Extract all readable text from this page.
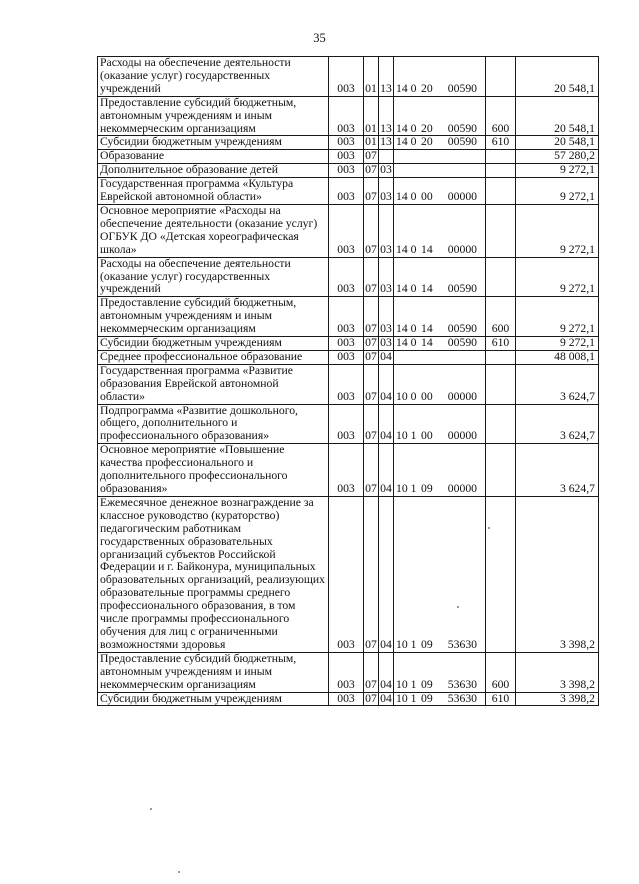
35
Расходы на обеспечение деятельности (оказание услуг) государственных учреждений	003	01	13	14 0 20 00590		20 548,1
Предоставление субсидий бюджетным, автономным учреждениям и иным некоммерческим организациям	003	01	13	14 0 20 00590	600	20 548,1
Субсидии бюджетным учреждениям	003	01	13	14 0 20 00590	610	20 548,1
Образование	003	07				57 280,2
Дополнительное образование детей	003	07	03			9 272,1
Государственная программа «Культура Еврейской автономной области»	003	07	03	14 0 00 00000		9 272,1
Основное мероприятие «Расходы на обеспечение деятельности (оказание услуг) ОГБУК ДО «Детская хореографическая школа»	003	07	03	14 0 14 00000		9 272,1
Расходы на обеспечение деятельности (оказание услуг) государственных учреждений	003	07	03	14 0 14 00590		9 272,1
Предоставление субсидий бюджетным, автономным учреждениям и иным некоммерческим организациям	003	07	03	14 0 14 00590	600	9 272,1
Субсидии бюджетным учреждениям	003	07	03	14 0 14 00590	610	9 272,1
Среднее профессиональное образование	003	07	04			48 008,1
Государственная программа «Развитие образования Еврейской автономной области»	003	07	04	10 0 00 00000		3 624,7
Подпрограмма «Развитие дошкольного, общего, дополнительного и профессионального образования»	003	07	04	10 1 00 00000		3 624,7
Основное мероприятие «Повышение качества профессионального и дополнительного профессионального образования»	003	07	04	10 1 09 00000		3 624,7
Ежемесячное денежное вознаграждение за классное руководство (кураторство) педагогическим работникам государственных образовательных организаций субъектов Российской Федерации и г. Байконура, муниципальных образовательных организаций, реализующих образовательные программы среднего профессионального образования, в том числе программы профессионального обучения для лиц с ограниченными возможностями здоровья	003	07	04	10 1 09 53630		3 398,2
Предоставление субсидий бюджетным, автономным учреждениям и иным некоммерческим организациям	003	07	04	10 1 09 53630	600	3 398,2
Субсидии бюджетным учреждениям	003	07	04	10 1 09 53630	610	3 398,2
